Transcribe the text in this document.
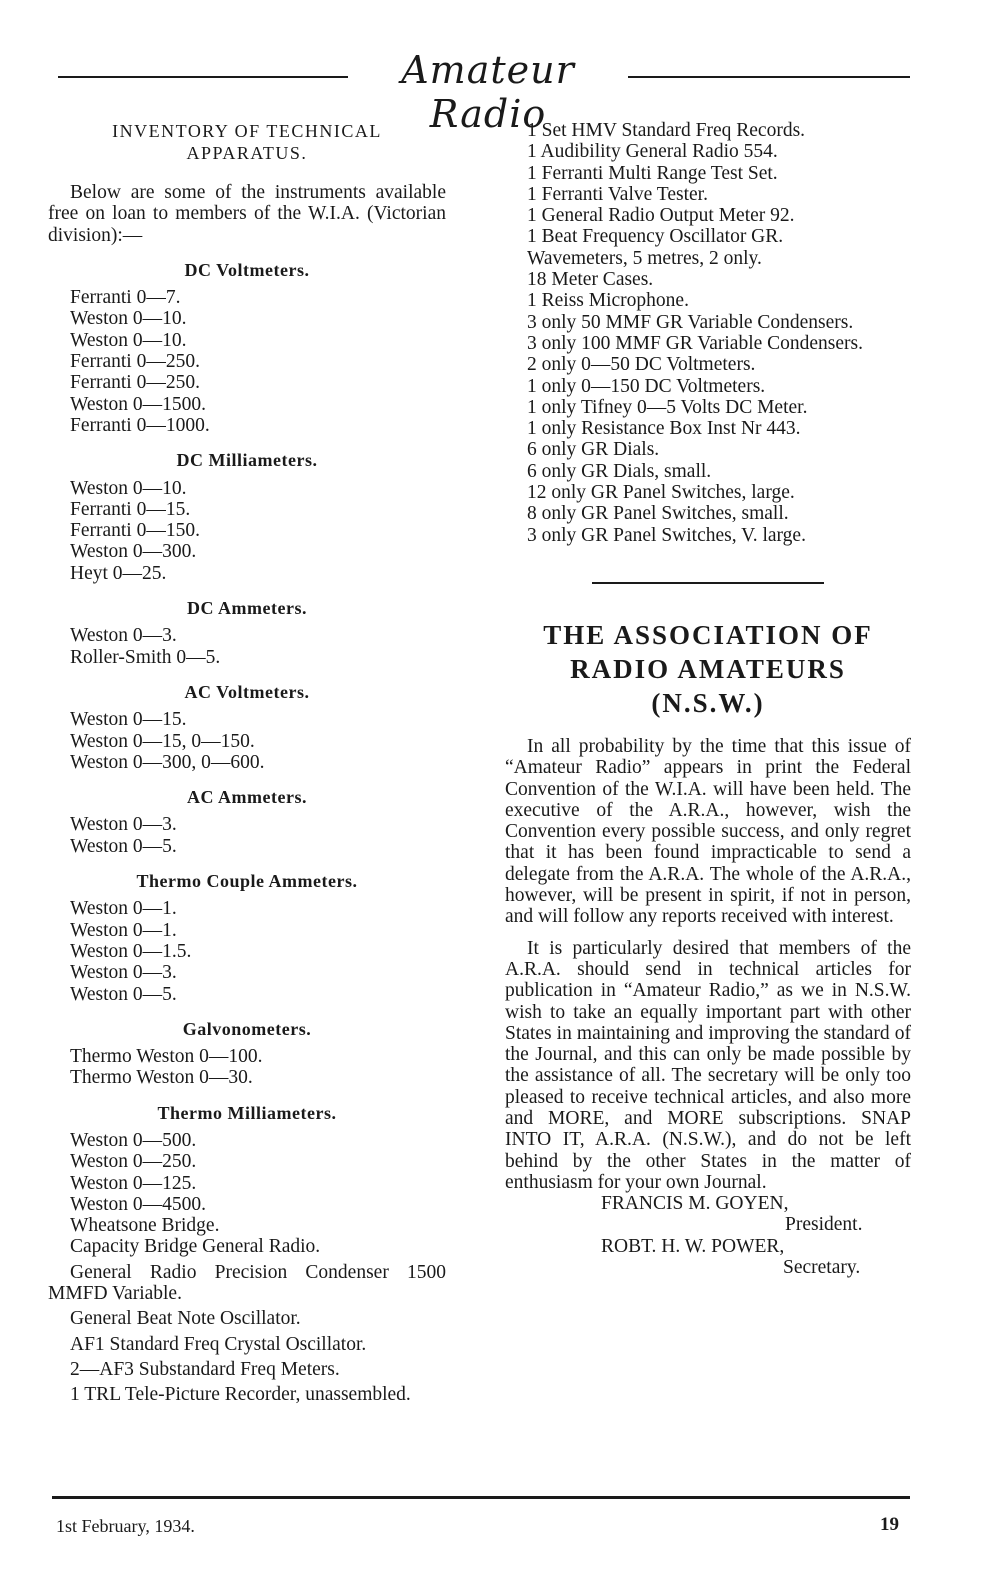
Amateur Radio
INVENTORY OF TECHNICAL APPARATUS.

Below are some of the instruments available free on loan to members of the W.I.A. (Victorian division):—

DC Voltmeters.
Ferranti 0—7.
Weston 0—10.
Weston 0—10.
Ferranti 0—250.
Ferranti 0—250.
Weston 0—1500.
Ferranti 0—1000.
DC Milliameters.
Weston 0—10.
Ferranti 0—15.
Ferranti 0—150.
Weston 0—300.
Heyt 0—25.
DC Ammeters.
Weston 0—3.
Roller-Smith 0—5.
AC Voltmeters.
Weston 0—15.
Weston 0—15, 0—150.
Weston 0—300, 0—600.
AC Ammeters.
Weston 0—3.
Weston 0—5.
Thermo Couple Ammeters.
Weston 0—1.
Weston 0—1.
Weston 0—1.5.
Weston 0—3.
Weston 0—5.
Galvonometers.
Thermo Weston 0—100.
Thermo Weston 0—30.
Thermo Milliameters.
Weston 0—500.
Weston 0—250.
Weston 0—125.
Weston 0—4500.
Wheatsone Bridge.
Capacity Bridge General Radio.

General Radio Precision Condenser 1500 MMFD Variable.

General Beat Note Oscillator.

AF1 Standard Freq Crystal Oscillator.

2—AF3 Substandard Freq Meters.

1 TRL Tele-Picture Recorder, unassembled.

1 Set HMV Standard Freq Records.
1 Audibility General Radio 554.
1 Ferranti Multi Range Test Set.
1 Ferranti Valve Tester.
1 General Radio Output Meter 92.
1 Beat Frequency Oscillator GR.
Wavemeters, 5 metres, 2 only.
18 Meter Cases.
1 Reiss Microphone.
3 only 50 MMF GR Variable Condensers.
3 only 100 MMF GR Variable Condensers.
2 only 0—50 DC Voltmeters.
1 only 0—150 DC Voltmeters.
1 only Tifney 0—5 Volts DC Meter.
1 only Resistance Box Inst Nr 443.
6 only GR Dials.
6 only GR Dials, small.
12 only GR Panel Switches, large.
8 only GR Panel Switches, small.
3 only GR Panel Switches, V. large.
THE ASSOCIATION OF
RADIO AMATEURS
(N.S.W.)

In all probability by the time that this issue of “Amateur Radio” appears in print the Federal Convention of the W.I.A. will have been held. The executive of the A.R.A., however, wish the Convention every possible success, and only regret that it has been found impracticable to send a delegate from the A.R.A. The whole of the A.R.A., however, will be present in spirit, if not in person, and will follow any reports received with interest.

It is particularly desired that members of the A.R.A. should send in technical articles for publication in “Amateur Radio,” as we in N.S.W. wish to take an equally important part with other States in maintaining and improving the standard of the Journal, and this can only be made possible by the assistance of all. The secretary will be only too pleased to receive technical articles, and also more and MORE, and MORE subscriptions. SNAP INTO IT, A.R.A. (N.S.W.), and do not be left behind by the other States in the matter of enthusiasm for your own Journal.

FRANCIS M. GOYEN,
President.
ROBT. H. W. POWER,
Secretary.
1st February, 1934.	19
